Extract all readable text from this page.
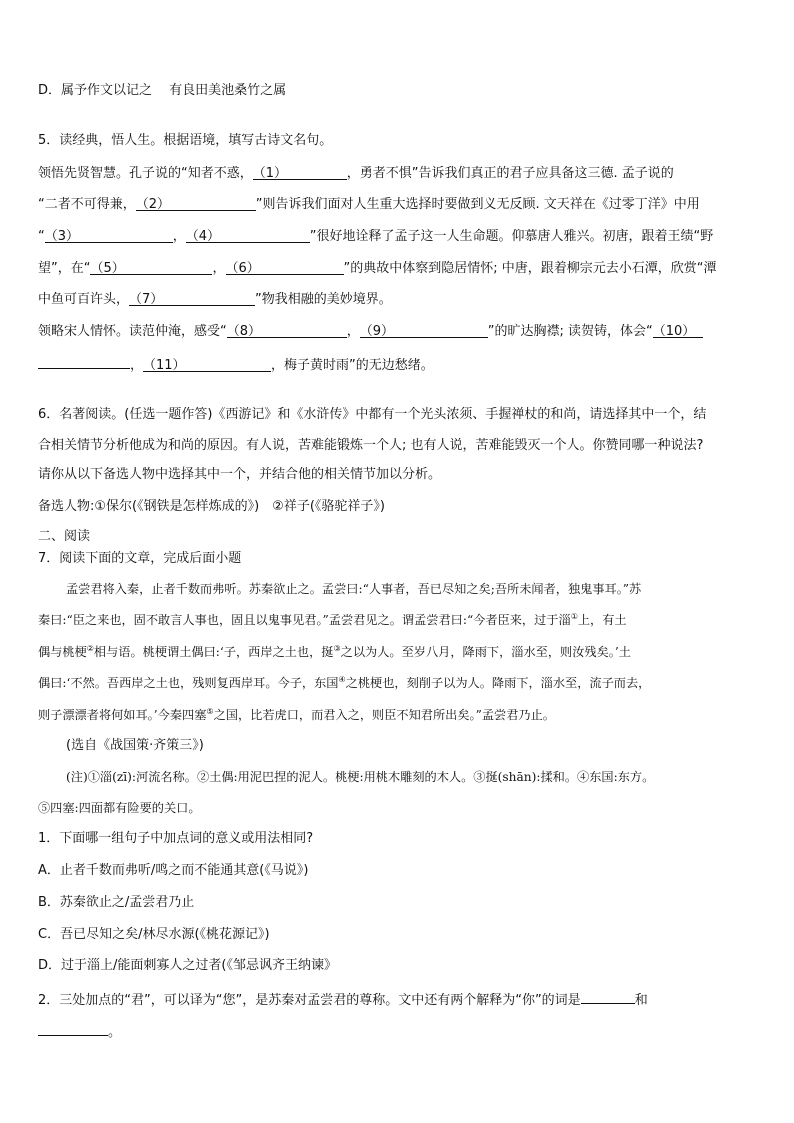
D．属予作文以记之　 有良田美池桑竹之属
5．读经典，悟人生。根据语境，填写古诗文名句。
领悟先贤智慧。孔子说的“知者不惑，（1）	，勇者不惧”告诉我们真正的君子应具备这三德. 孟子说的
“二者不可得兼，（2）	”则告诉我们面对人生重大选择时要做到义无反顾. 文天祥在《过零丁洋》中用
“（3）	，（4）	”很好地诠释了孟子这一人生命题。仰慕唐人雅兴。初唐，跟着王绩“野
望”，在“（5）	，（6）	”的典故中体察到隐居情怀; 中唐，跟着柳宗元去小石潭，欣赏“潭
中鱼可百许头，（7）	”物我相融的美妙境界。
领略宋人情怀。读范仲淹，感受“（8）	，（9）	”的旷达胸襟; 读贺铸，体会“（10）
，（11）	，梅子黄时雨”的无边愁绪。
6．名著阅读。(任选一题作答)《西游记》和《水浒传》中都有一个光头浓须、手握禅杖的和尚，请选择其中一个，结
合相关情节分析他成为和尚的原因。有人说，苦难能锻炼一个人; 也有人说，苦难能毁灭一个人。你赞同哪一种说法?
请你从以下备选人物中选择其中一个，并结合他的相关情节加以分析。
备选人物:①保尔(《钢铁是怎样炼成的》)　②祥子(《骆驼祥子》)
二、阅读
7．阅读下面的文章，完成后面小题
孟尝君将入秦，止者千数而弗听。苏秦欲止之。孟尝曰:“人事者，吾已尽知之矣;吾所未闻者，独鬼事耳。”苏
秦曰:“臣之来也，固不敢言人事也，固且以鬼事见君。”孟尝君见之。谓孟尝君曰:“今者臣来，过于淄①上，有土
偶与桃梗②相与语。桃梗谓土偶曰:‘子，西岸之土也，挻③之以为人。至岁八月，降雨下，淄水至，则汝残矣。’土
偶曰:‘不然。吾西岸之土也，残则复西岸耳。今子，东国④之桃梗也，刻削子以为人。降雨下，淄水至，流子而去，
则子漂漂者将何如耳。’今秦四塞⑤之国，比若虎口，而君入之，则臣不知君所出矣。”孟尝君乃止。
(选自《战国策·齐策三》)
(注)①淄(zī):河流名称。②土偶:用泥巴捏的泥人。桃梗:用桃木雕刻的木人。③挻(shān):揉和。④东国:东方。
⑤四塞:四面都有险要的关口。
1．下面哪一组句子中加点词的意义或用法相同?
A．止者千数而弗听/鸣之而不能通其意(《马说》)
B．苏秦欲止之/孟尝君乃止
C．吾已尽知之矣/林尽水源(《桃花源记》)
D．过于淄上/能面刺寡人之过者(《邹忌讽齐王纳谏》
2．三处加点的“君”，可以译为“您”，是苏秦对孟尝君的尊称。文中还有两个解释为“你”的词是	和
。
